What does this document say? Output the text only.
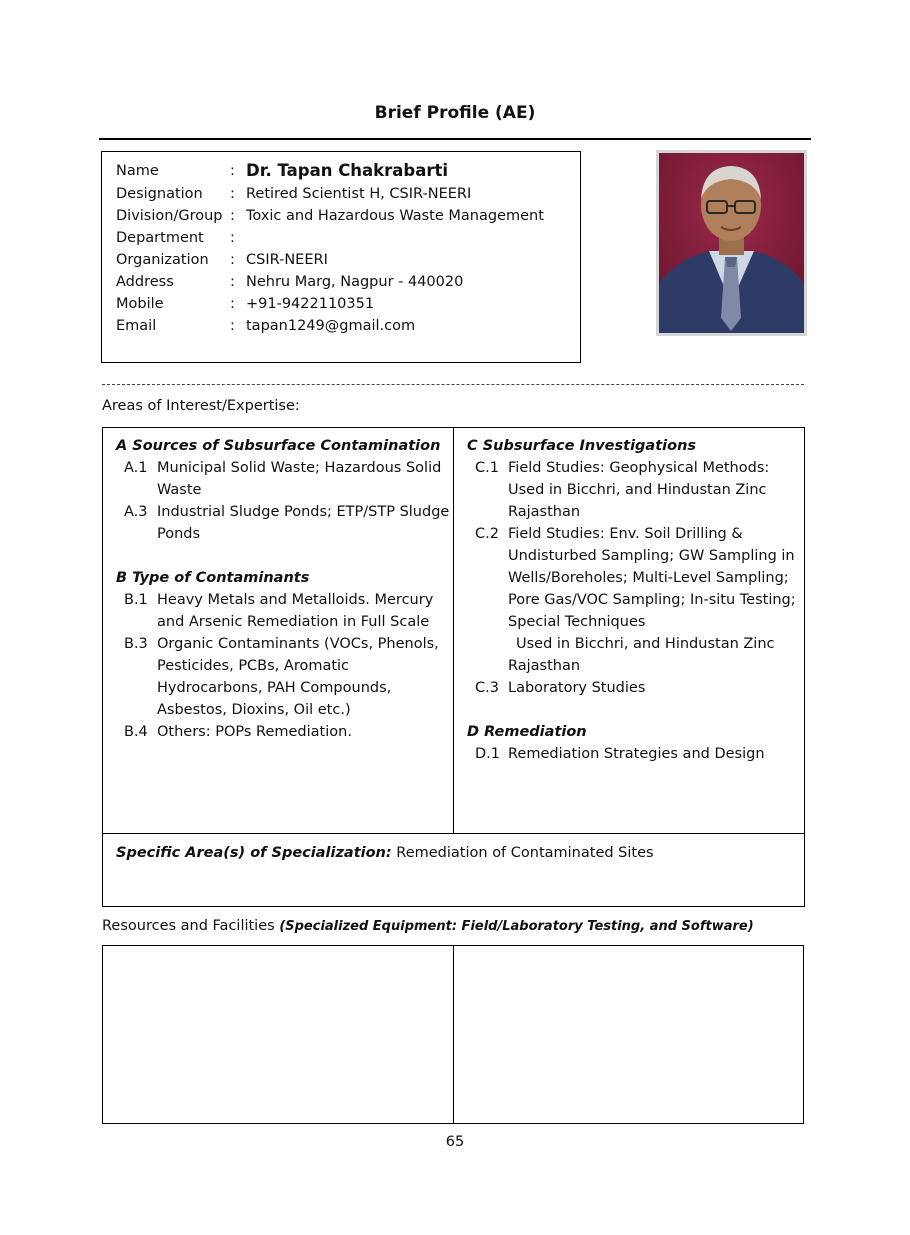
Brief Profile (AE)
Name	: Dr. Tapan Chakrabarti
Designation : Retired Scientist H, CSIR-NEERI
Division/Group : Toxic and Hazardous Waste Management
Department :
Organization : CSIR-NEERI
Address	: Nehru Marg, Nagpur - 440020
Mobile	: +91-9422110351
Email	: tapan1249@gmail.com
Areas of Interest/Expertise:
A Sources of Subsurface Contamination
A.1 Municipal Solid Waste; Hazardous Solid Waste
A.3 Industrial Sludge Ponds; ETP/STP Sludge Ponds
B Type of Contaminants
B.1 Heavy Metals and Metalloids. Mercury and Arsenic Remediation in Full Scale
B.3 Organic Contaminants (VOCs, Phenols, Pesticides, PCBs, Aromatic Hydrocarbons, PAH Compounds, Asbestos, Dioxins, Oil etc.)
B.4 Others: POPs Remediation.
C Subsurface Investigations
C.1 Field Studies: Geophysical Methods: Used in Bicchri, and Hindustan Zinc Rajasthan
C.2 Field Studies: Env. Soil Drilling & Undisturbed Sampling; GW Sampling in Wells/Boreholes; Multi-Level Sampling; Pore Gas/VOC Sampling; In-situ Testing; Special Techniques
Used in Bicchri, and Hindustan Zinc Rajasthan
C.3 Laboratory Studies
D Remediation
D.1 Remediation Strategies and Design
Specific Area(s) of Specialization: Remediation of Contaminated Sites
Resources and Facilities (Specialized Equipment: Field/Laboratory Testing, and Software)
65
